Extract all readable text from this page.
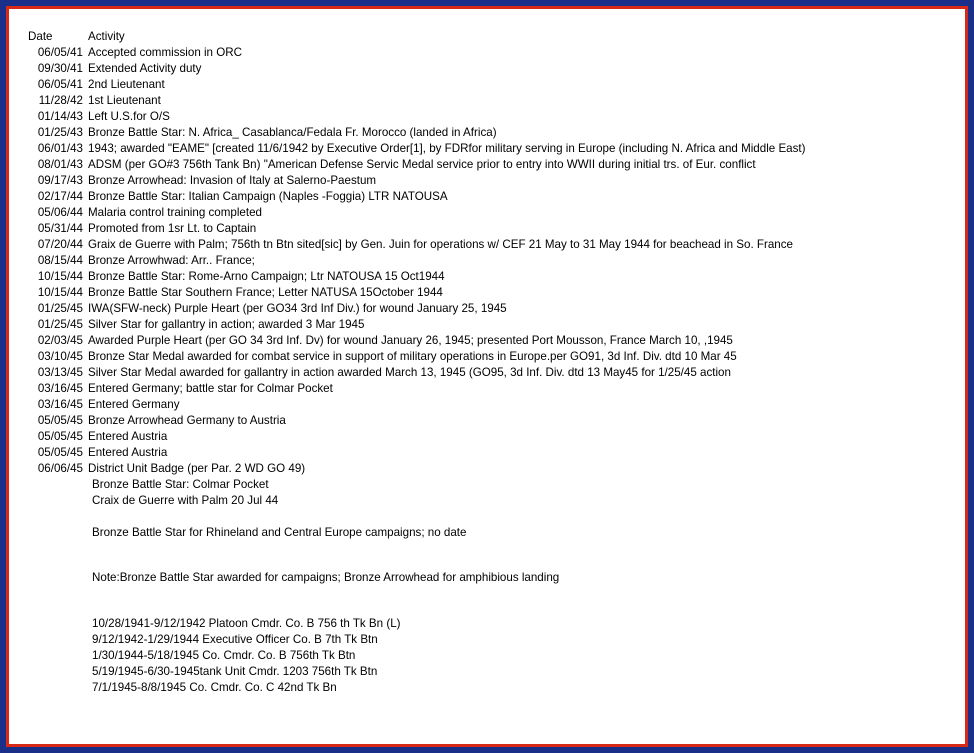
Date	Activity
06/05/41 Accepted commission in ORC
09/30/41 Extended Activity duty
06/05/41 2nd Lieutenant
11/28/42 1st Lieutenant
01/14/43 Left U.S.for O/S
01/25/43 Bronze Battle Star: N. Africa_ Casablanca/Fedala Fr. Morocco (landed in Africa)
06/01/43 1943; awarded "EAME" [created 11/6/1942 by Executive Order[1], by FDRfor military serving in Europe (including N. Africa and Middle East)
08/01/43 ADSM (per GO#3 756th Tank Bn) "American Defense Servic Medal service prior to entry into WWII during initial trs. of Eur. conflict
09/17/43 Bronze Arrowhead: Invasion of Italy at Salerno-Paestum
02/17/44 Bronze Battle Star: Italian Campaign (Naples -Foggia) LTR NATOUSA
05/06/44 Malaria control training completed
05/31/44 Promoted from 1sr Lt. to Captain
07/20/44 Graix de Guerre with Palm; 756th tn Btn sited[sic] by Gen. Juin for operations w/ CEF 21 May to 31 May 1944 for beachead in So. France
08/15/44 Bronze Arrowhwad: Arr.. France;
10/15/44 Bronze Battle Star: Rome-Arno Campaign; Ltr NATOUSA 15 Oct1944
10/15/44 Bronze Battle Star Southern France; Letter NATUSA 15October 1944
01/25/45 IWA(SFW-neck) Purple Heart (per GO34 3rd Inf Div.) for wound January 25, 1945
01/25/45 Silver Star for gallantry in action; awarded 3 Mar 1945
02/03/45 Awarded Purple Heart (per GO 34 3rd Inf. Dv) for wound January 26, 1945; presented Port Mousson, France March 10, ,1945
03/10/45 Bronze Star Medal awarded for combat service in support of military operations in Europe.per GO91, 3d Inf. Div. dtd 10 Mar 45
03/13/45 Silver Star Medal awarded for gallantry in action awarded March 13, 1945 (GO95, 3d Inf. Div. dtd 13 May45 for 1/25/45 action
03/16/45 Entered Germany; battle star for Colmar Pocket
03/16/45 Entered Germany
05/05/45 Bronze Arrowhead Germany to Austria
05/05/45 Entered Austria
05/05/45 Entered Austria
06/06/45 District Unit Badge (per Par. 2 WD GO 49)
Bronze Battle Star: Colmar Pocket
Craix de Guerre with Palm 20 Jul 44
Bronze Battle Star for Rhineland and Central Europe campaigns; no date
Note:Bronze Battle Star awarded for campaigns; Bronze Arrowhead for amphibious landing
10/28/1941-9/12/1942 Platoon Cmdr. Co. B 756 th Tk Bn (L)
9/12/1942-1/29/1944 Executive Officer Co. B 7th Tk Btn
1/30/1944-5/18/1945 Co. Cmdr. Co. B 756th Tk Btn
5/19/1945-6/30-1945tank Unit Cmdr. 1203 756th Tk Btn
7/1/1945-8/8/1945 Co. Cmdr. Co. C 42nd Tk Bn
